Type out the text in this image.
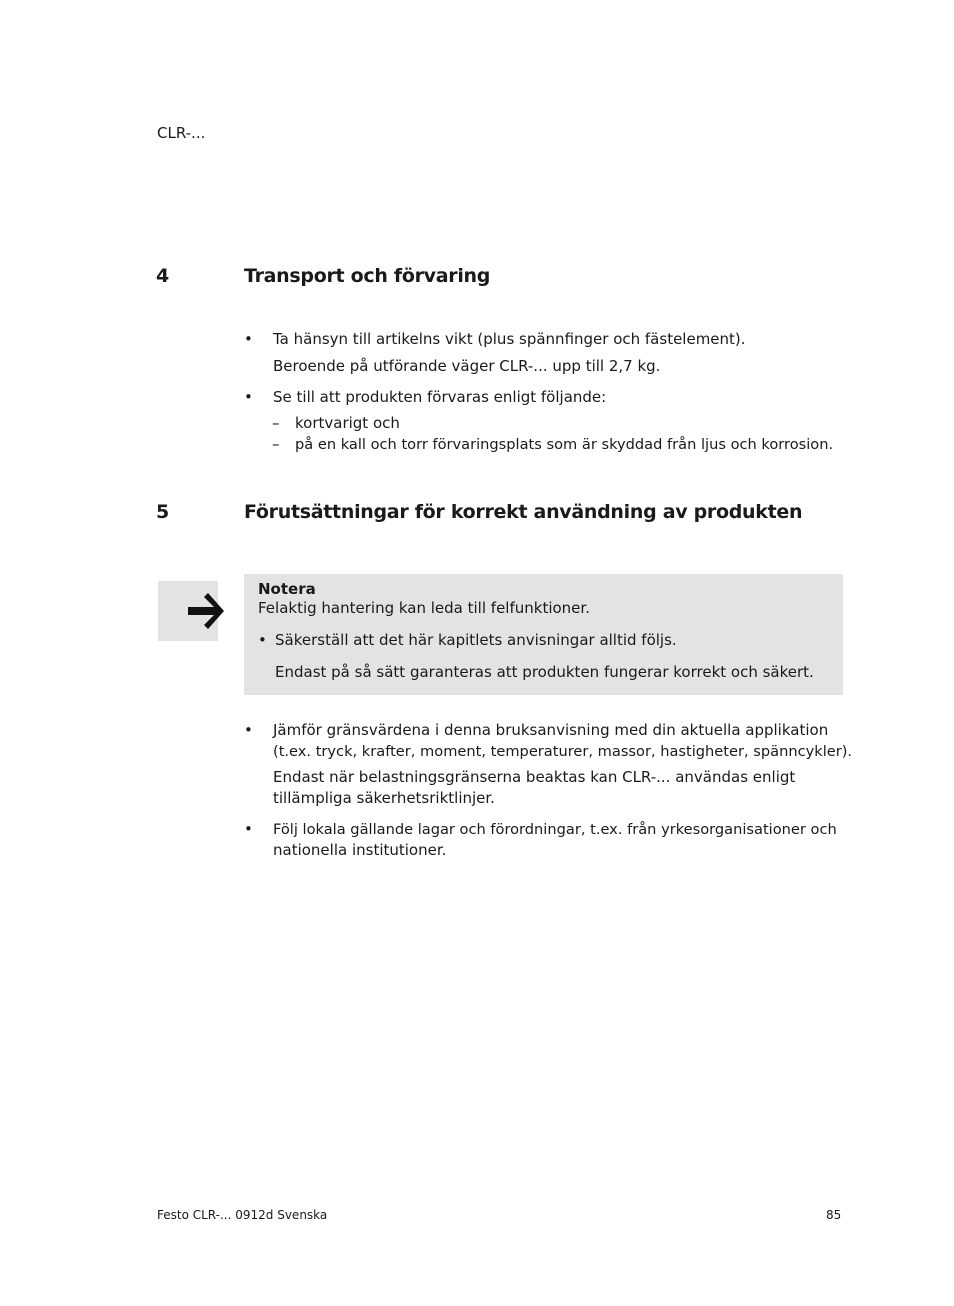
CLR-...
4	Transport och förvaring
• Ta hänsyn till artikelns vikt (plus spännfinger och fästelement).
Beroende på utförande väger CLR-... upp till 2,7 kg.
• Se till att produkten förvaras enligt följande:
– kortvarigt och
– på en kall och torr förvaringsplats som är skyddad från ljus och korrosion.
5	Förutsättningar för korrekt användning av produkten
Notera
Felaktig hantering kan leda till felfunktioner.
• Säkerställ att det här kapitlets anvisningar alltid följs.
Endast på så sätt garanteras att produkten fungerar korrekt och säkert.
• Jämför gränsvärdena i denna bruksanvisning med din aktuella applikation
(t.ex. tryck, krafter, moment, temperaturer, massor, hastigheter, spänncykler).
Endast när belastningsgränserna beaktas kan CLR-... användas enligt
tillämpliga säkerhetsriktlinjer.
• Följ lokala gällande lagar och förordningar, t.ex. från yrkesorganisationer och
nationella institutioner.
Festo CLR-... 0912d Svenska	85
